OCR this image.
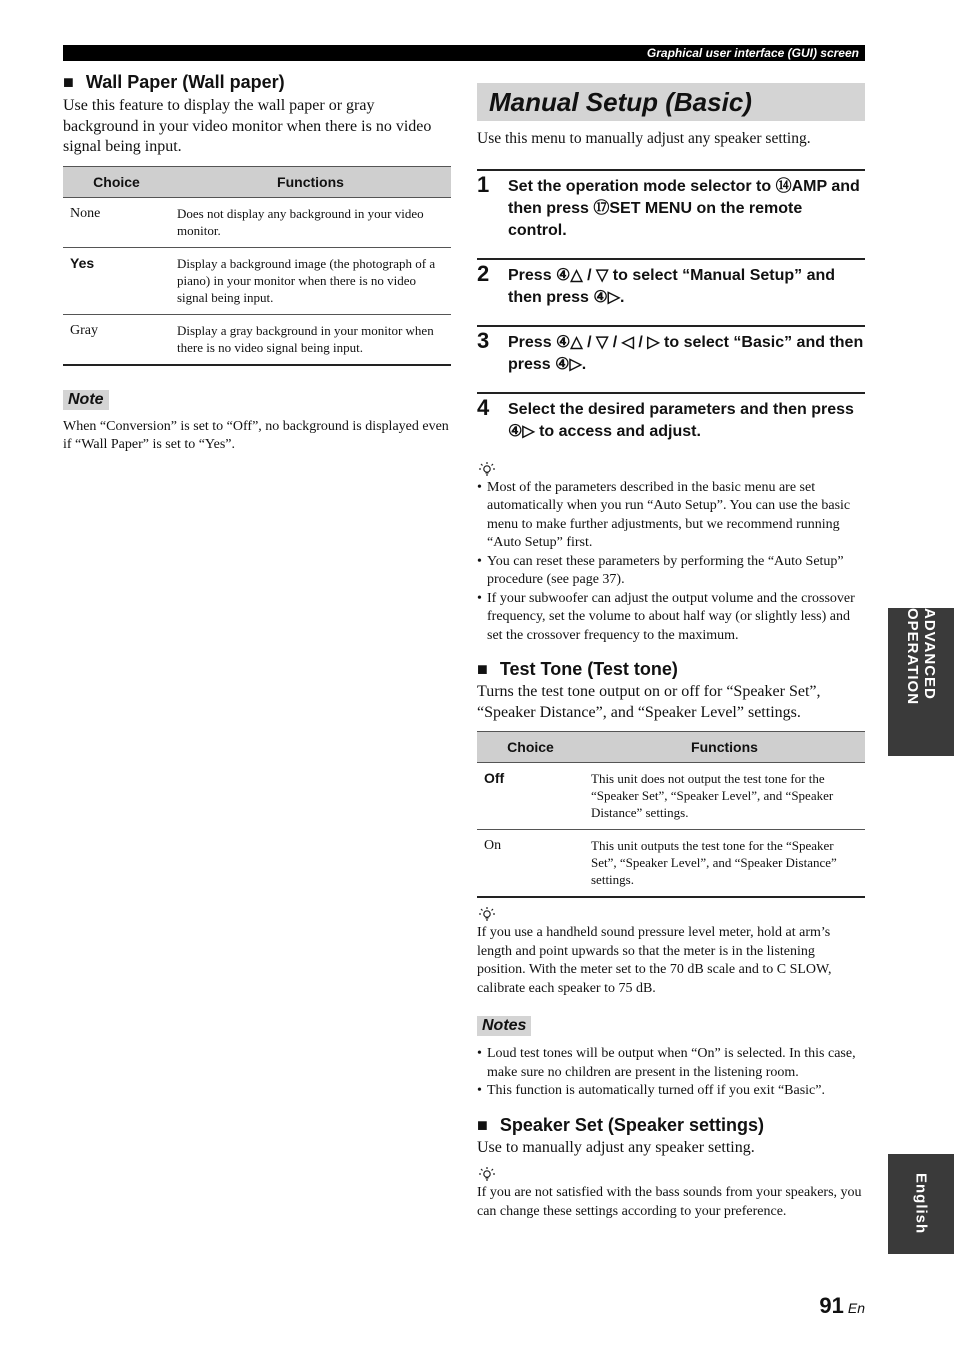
Graphical user interface (GUI) screen
■ Wall Paper (Wall paper)

Use this feature to display the wall paper or gray background in your video monitor when there is no video signal being input.

Choice	Functions
None	Does not display any background in your video monitor.
Yes	Display a background image (the photograph of a piano) in your monitor when there is no video signal being input.
Gray	Display a gray background in your monitor when there is no video signal being input.
Note

When “Conversion” is set to “Off”, no background is displayed even if “Wall Paper” is set to “Yes”.

Manual Setup (Basic)

Use this menu to manually adjust any speaker setting.

1 Set the operation mode selector to ⑭AMP and then press ⑰SET MENU on the remote control.
2 Press ④△ / ▽ to select “Manual Setup” and then press ④▷.
3 Press ④△ / ▽ / ◁ / ▷ to select “Basic” and then press ④▷.
4 Select the desired parameters and then press ④▷ to access and adjust.
• Most of the parameters described in the basic menu are set automatically when you run “Auto Setup”. You can use the basic menu to make further adjustments, but we recommend running “Auto Setup” first.
• You can reset these parameters by performing the “Auto Setup” procedure (see page 37).
• If your subwoofer can adjust the output volume and the crossover frequency, set the volume to about half way (or slightly less) and set the crossover frequency to the maximum.
■ Test Tone (Test tone)

Turns the test tone output on or off for “Speaker Set”, “Speaker Distance”, and “Speaker Level” settings.

Choice	Functions
Off	This unit does not output the test tone for the “Speaker Set”, “Speaker Level”, and “Speaker Distance” settings.
On	This unit outputs the test tone for the “Speaker Set”, “Speaker Level”, and “Speaker Distance” settings.

If you use a handheld sound pressure level meter, hold at arm’s length and point upwards so that the meter is in the listening position. With the meter set to the 70 dB scale and to C SLOW, calibrate each speaker to 75 dB.

Notes
• Loud test tones will be output when “On” is selected. In this case, make sure no children are present in the listening room.
• This function is automatically turned off if you exit “Basic”.
■ Speaker Set (Speaker settings)

Use to manually adjust any speaker setting.

If you are not satisfied with the bass sounds from your speakers, you can change these settings according to your preference.

ADVANCED OPERATION
English
91 En
